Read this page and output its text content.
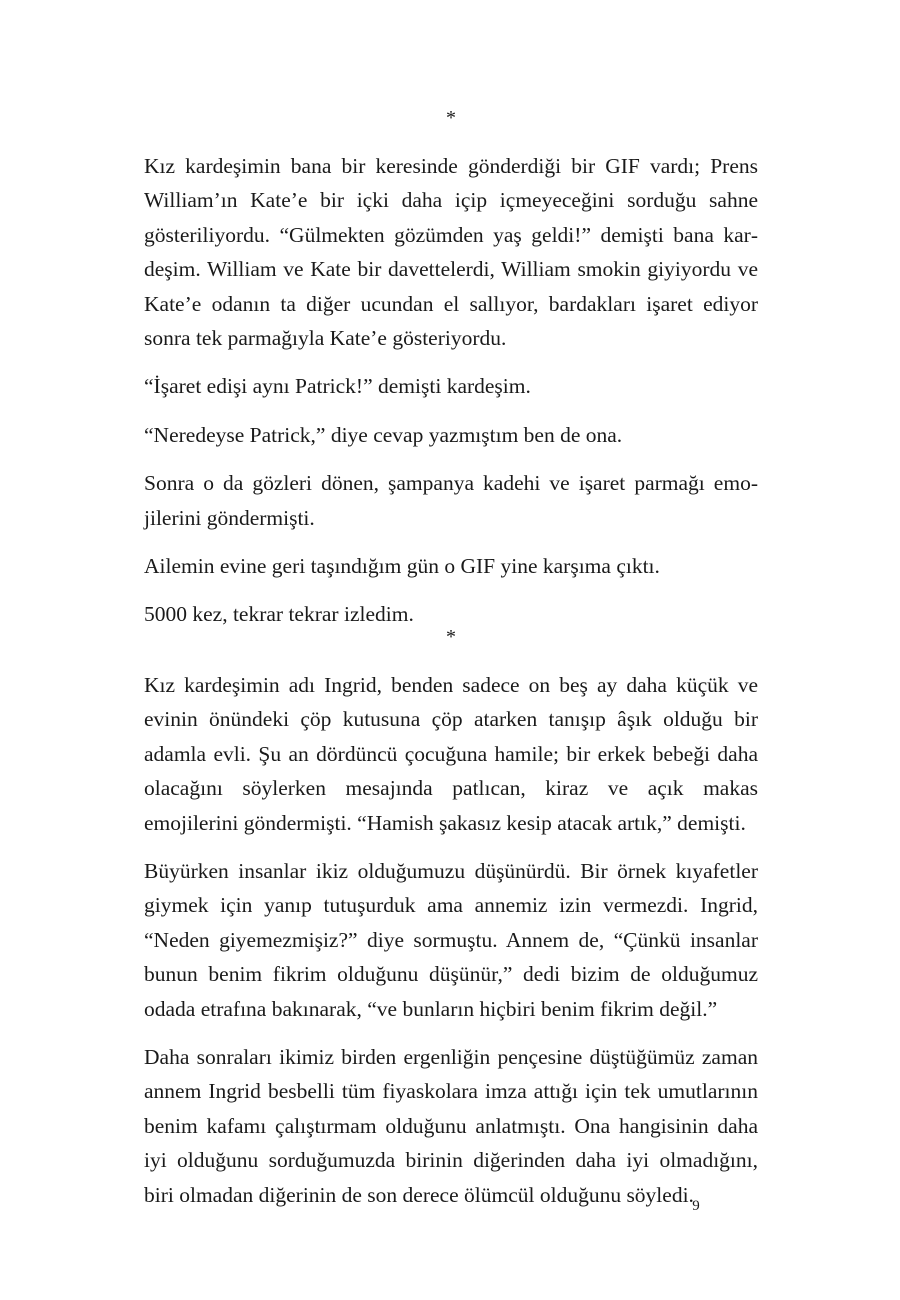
*

Kız kardeşimin bana bir keresinde gönderdiği bir GIF vardı; Prens William’ın Kate’e bir içki daha içip içmeyeceğini sorduğu sahne gösteriliyordu. “Gülmekten gözümden yaş geldi!” demişti bana kardeşim. William ve Kate bir davettelerdi, William smokin giyiyordu ve Kate’e odanın ta diğer ucundan el sallıyor, bardakları işaret ediyor sonra tek parmağıyla Kate’e gösteriyordu.

“İşaret edişi aynı Patrick!” demişti kardeşim.

“Neredeyse Patrick,” diye cevap yazmıştım ben de ona.

Sonra o da gözleri dönen, şampanya kadehi ve işaret parmağı emojilerini göndermişti.

Ailemin evine geri taşındığım gün o GIF yine karşıma çıktı.

5000 kez, tekrar tekrar izledim.

*

Kız kardeşimin adı Ingrid, benden sadece on beş ay daha küçük ve evinin önündeki çöp kutusuna çöp atarken tanışıp âşık olduğu bir adamla evli. Şu an dördüncü çocuğuna hamile; bir erkek bebeği daha olacağını söylerken mesajında patlıcan, kiraz ve açık makas emojilerini göndermişti. “Hamish şakasız kesip atacak artık,” demişti.

Büyürken insanlar ikiz olduğumuzu düşünürdü. Bir örnek kıyafetler giymek için yanıp tutuşurduk ama annemiz izin vermezdi. Ingrid, “Neden giyemezmişiz?” diye sormuştu. Annem de, “Çünkü insanlar bunun benim fikrim olduğunu düşünür,” dedi bizim de olduğumuz odada etrafına bakınarak, “ve bunların hiçbiri benim fikrim değil.”

Daha sonraları ikimiz birden ergenliğin pençesine düştüğümüz zaman annem Ingrid besbelli tüm fiyaskolara imza attığı için tek umutlarının benim kafamı çalıştırmam olduğunu anlatmıştı. Ona hangisinin daha iyi olduğunu sorduğumuzda birinin diğerinden daha iyi olmadığını, biri olmadan diğerinin de son derece ölümcül olduğunu söyledi.

9
